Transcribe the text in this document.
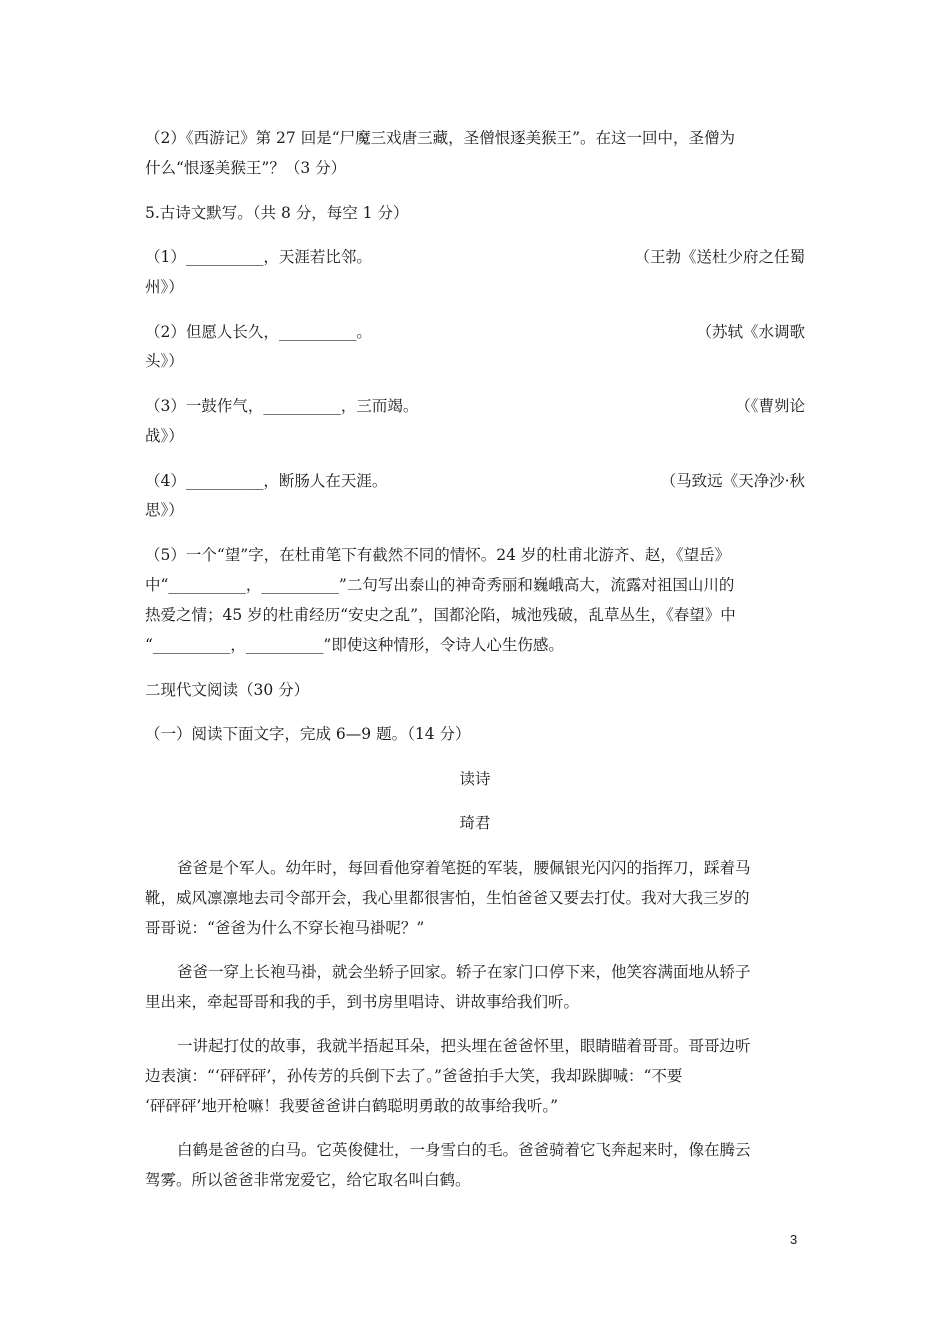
（2）《西游记》第 27 回是“尸魔三戏唐三藏，圣僧恨逐美猴王”。在这一回中，圣僧为
什么“恨逐美猴王”？（3 分）
5.古诗文默写。（共 8 分，每空 1 分）
（1）__________，天涯若比邻。	（王勃《送杜少府之任蜀
州》）
（2）但愿人长久，__________。	（苏轼《水调歌
头》）
（3）一鼓作气，__________，三而竭。	（《曹刿论
战》）
（4）__________，断肠人在天涯。	（马致远《天净沙·秋
思》）
（5）一个“望”字，在杜甫笔下有截然不同的情怀。24 岁的杜甫北游齐、赵，《望岳》
中“__________，__________”二句写出泰山的神奇秀丽和巍峨高大，流露对祖国山川的
热爱之情；45 岁的杜甫经历“安史之乱”，国都沦陷，城池残破，乱草丛生，《春望》中
“__________，__________”即使这种情形，令诗人心生伤感。
二现代文阅读（30 分）
（一）阅读下面文字，完成 6—9 题。（14 分）
读诗
琦君
爸爸是个军人。幼年时，每回看他穿着笔挺的军装，腰佩银光闪闪的指挥刀，踩着马
靴，威风凛凛地去司令部开会，我心里都很害怕，生怕爸爸又要去打仗。我对大我三岁的
哥哥说：“爸爸为什么不穿长袍马褂呢？”
爸爸一穿上长袍马褂，就会坐轿子回家。轿子在家门口停下来，他笑容满面地从轿子
里出来，牵起哥哥和我的手，到书房里唱诗、讲故事给我们听。
一讲起打仗的故事，我就半捂起耳朵，把头埋在爸爸怀里，眼睛瞄着哥哥。哥哥边听
边表演：“‘砰砰砰’，孙传芳的兵倒下去了。”爸爸拍手大笑，我却跺脚喊：“不要
‘砰砰砰’地开枪嘛！我要爸爸讲白鹤聪明勇敢的故事给我听。”
白鹤是爸爸的白马。它英俊健壮，一身雪白的毛。爸爸骑着它飞奔起来时，像在腾云
驾雾。所以爸爸非常宠爱它，给它取名叫白鹤。
3
